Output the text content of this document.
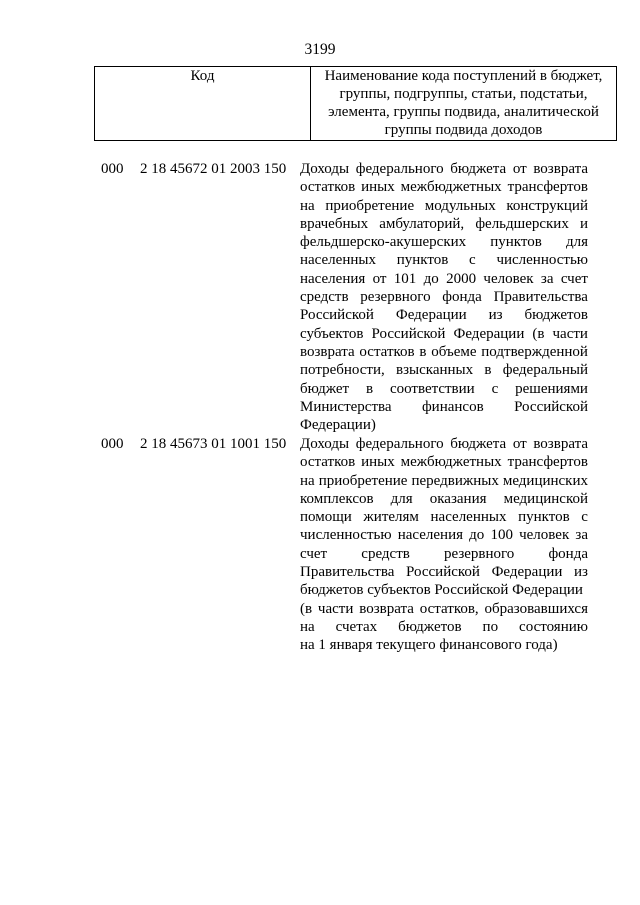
3199
Код	Наименование кода поступлений в бюджет, группы, подгруппы, статьи, подстатьи, элемента, группы подвида, аналитической группы подвида доходов
000 2 18 45672 01 2003 150 Доходы федерального бюджета от возврата
остатков иных межбюджетных трансфертов
на приобретение модульных конструкций
врачебных амбулаторий, фельдшерских и
фельдшерско-акушерских пунктов для
населенных пунктов с численностью
населения от 101 до 2000 человек за счет
средств резервного фонда Правительства
Российской Федерации из бюджетов
субъектов Российской Федерации (в части
возврата остатков в объеме подтвержденной
потребности, взысканных в федеральный
бюджет в соответствии с решениями
Министерства финансов Российской
Федерации)
000 2 18 45673 01 1001 150 Доходы федерального бюджета от возврата
остатков иных межбюджетных трансфертов
на приобретение передвижных медицинских
комплексов для оказания медицинской
помощи жителям населенных пунктов с
численностью населения до 100 человек за
счет средств резервного фонда
Правительства Российской Федерации из
бюджетов субъектов Российской Федерации
(в части возврата остатков, образовавшихся
на счетах бюджетов по состоянию
на 1 января текущего финансового года)
